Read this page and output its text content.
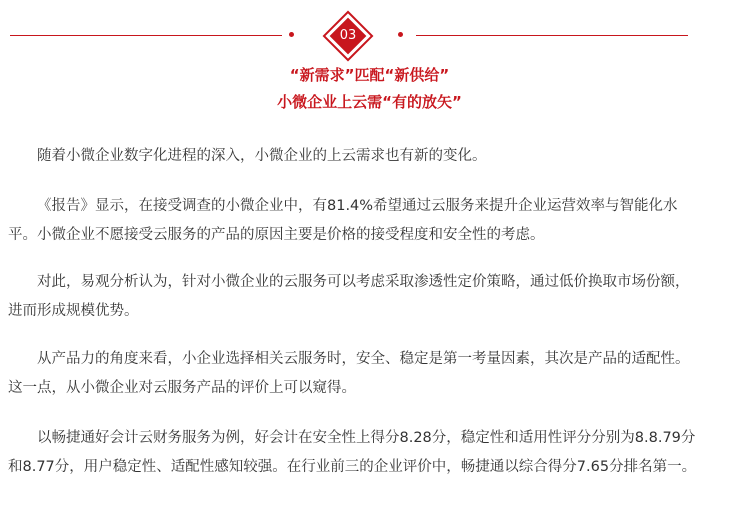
03
“新需求”匹配“新供给”
小微企业上云需“有的放矢”

随着小微企业数字化进程的深入，小微企业的上云需求也有新的变化。

《报告》显示，在接受调查的小微企业中，有81.4%希望通过云服务来提升企业运营效率与智能化水平。小微企业不愿接受云服务的产品的原因主要是价格的接受程度和安全性的考虑。

对此，易观分析认为，针对小微企业的云服务可以考虑采取渗透性定价策略，通过低价换取市场份额，进而形成规模优势。

从产品力的角度来看，小企业选择相关云服务时，安全、稳定是第一考量因素，其次是产品的适配性。这一点，从小微企业对云服务产品的评价上可以窥得。

以畅捷通好会计云财务服务为例，好会计在安全性上得分8.28分，稳定性和适用性评分分别为8.8.79分和8.77分，用户稳定性、适配性感知较强。在行业前三的企业评价中，畅捷通以综合得分7.65分排名第一。
